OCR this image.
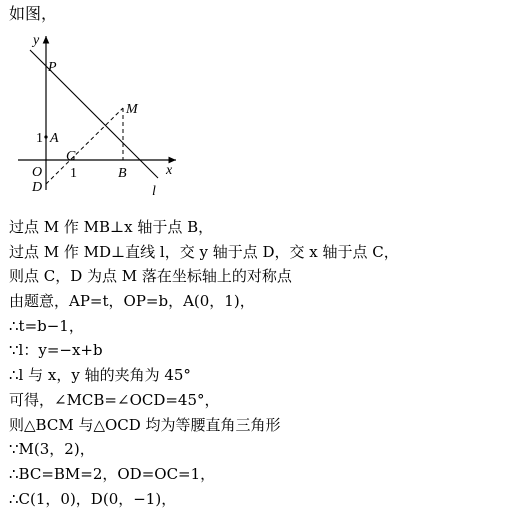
如图，
y
x
P
M
1 A
O
C
D
1	B
l
过点 M 作 MB⊥x 轴于点 B，
过点 M 作 MD⊥直线 l，交 y 轴于点 D，交 x 轴于点 C，
则点 C，D 为点 M 落在坐标轴上的对称点
由题意，AP=t，OP=b，A(0，1)，
∴t=b−1，
∵l：y=−x+b
∴l 与 x，y 轴的夹角为 45°
可得，∠MCB=∠OCD=45°，
则△BCM 与△OCD 均为等腰直角三角形
∵M(3，2)，
∴BC=BM=2，OD=OC=1，
∴C(1，0)，D(0，−1)，
